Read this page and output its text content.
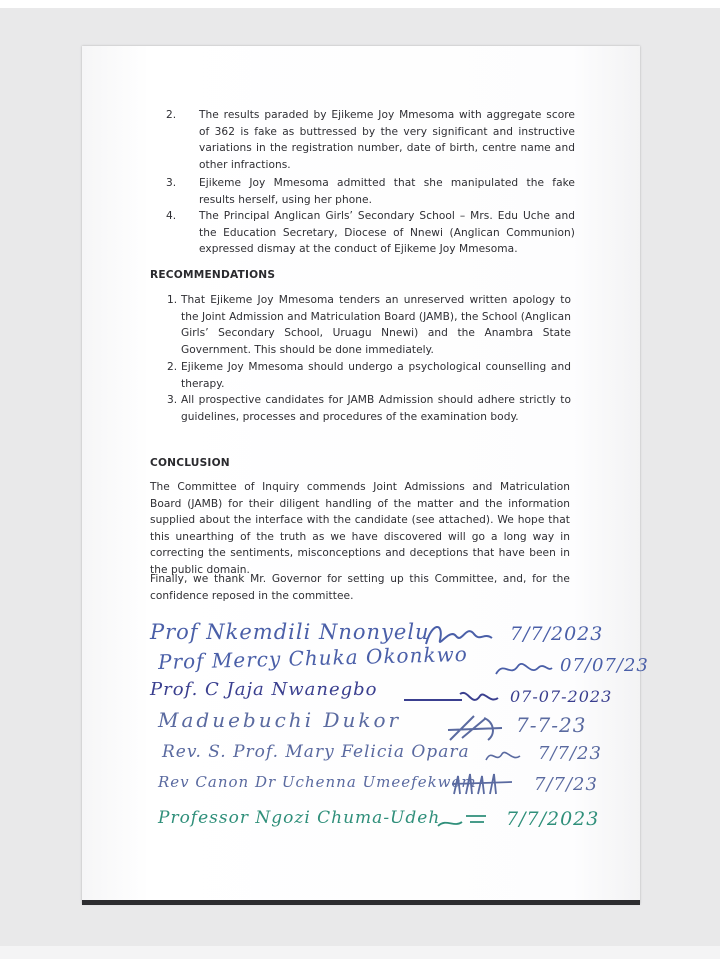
2. The results paraded by Ejikeme Joy Mmesoma with aggregate score of 362 is fake as buttressed by the very significant and instructive variations in the registration number, date of birth, centre name and other infractions.
3. Ejikeme Joy Mmesoma admitted that she manipulated the fake results herself, using her phone.
4. The Principal Anglican Girls’ Secondary School – Mrs. Edu Uche and the Education Secretary, Diocese of Nnewi (Anglican Communion) expressed dismay at the conduct of Ejikeme Joy Mmesoma.
RECOMMENDATIONS
1. That Ejikeme Joy Mmesoma tenders an unreserved written apology to the Joint Admission and Matriculation Board (JAMB), the School (Anglican Girls’ Secondary School, Uruagu Nnewi) and the Anambra State Government. This should be done immediately.
2. Ejikeme Joy Mmesoma should undergo a psychological counselling and therapy.
3. All prospective candidates for JAMB Admission should adhere strictly to guidelines, processes and procedures of the examination body.
CONCLUSION
The Committee of Inquiry commends Joint Admissions and Matriculation Board (JAMB) for their diligent handling of the matter and the information supplied about the interface with the candidate (see attached). We hope that this unearthing of the truth as we have discovered will go a long way in correcting the sentiments, misconceptions and deceptions that have been in the public domain.
Finally, we thank Mr. Governor for setting up this Committee, and, for the confidence reposed in the committee.
Prof Nkemdili Nnonyelu	7/7/2023
Prof Mercy Chuka Okonkwo	07/07/23
Prof. C Jaja Nwanegbo	07-07-2023
Maduebuchi Dukor	7-7-23
Rev. S. Prof. Mary Felicia Opara	7/7/23
Rev Canon Dr Uchenna Umeefekwem	7/7/23
Professor Ngozi Chuma-Udeh	7/7/2023
